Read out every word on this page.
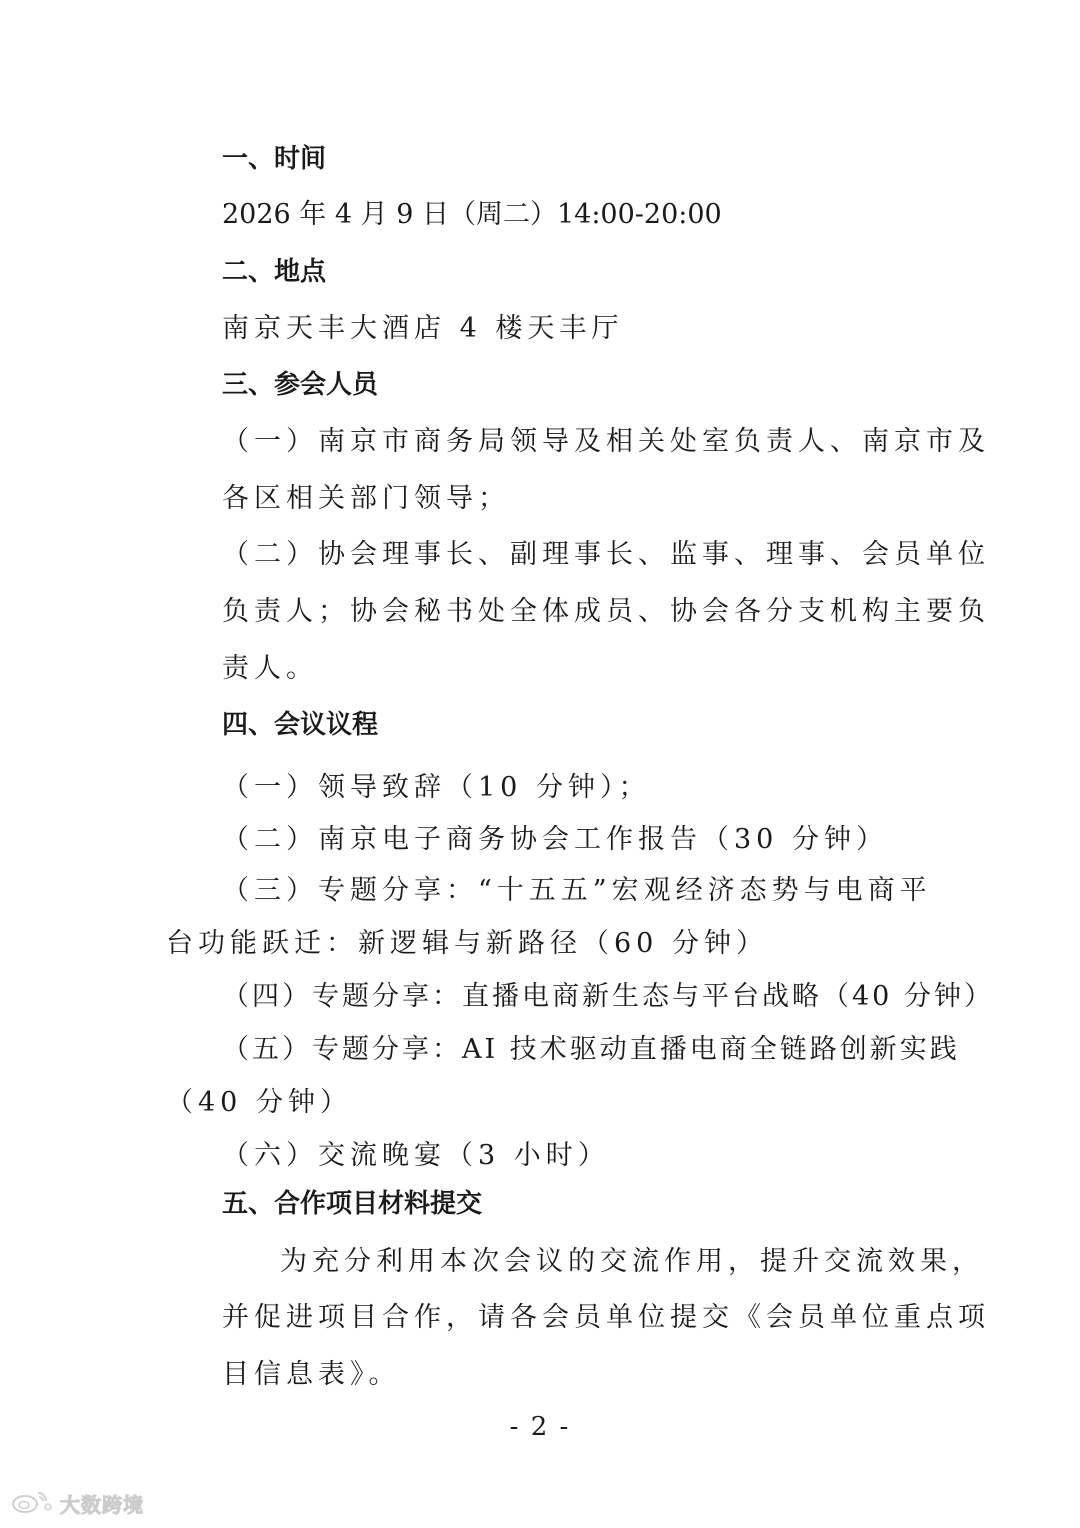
一、时间

2026 年 4 月 9 日（周二）14:00-20:00

二、地点

南京天丰大酒店 4 楼天丰厅

三、参会人员

（一）南京市商务局领导及相关处室负责人、南京市及

各区相关部门领导；

（二）协会理事长、副理事长、监事、理事、会员单位

负责人；协会秘书处全体成员、协会各分支机构主要负

责人。

四、会议议程

（一）领导致辞（10 分钟）；

（二）南京电子商务协会工作报告（30 分钟）

（三）专题分享：“十五五”宏观经济态势与电商平

台功能跃迁：新逻辑与新路径（60 分钟）

（四）专题分享：直播电商新生态与平台战略（40 分钟）

（五）专题分享：AI 技术驱动直播电商全链路创新实践

（40 分钟）

（六）交流晚宴（3 小时）

五、合作项目材料提交

为充分利用本次会议的交流作用，提升交流效果，

并促进项目合作，请各会员单位提交《会员单位重点项

目信息表》。

- 2 -
大数跨境
